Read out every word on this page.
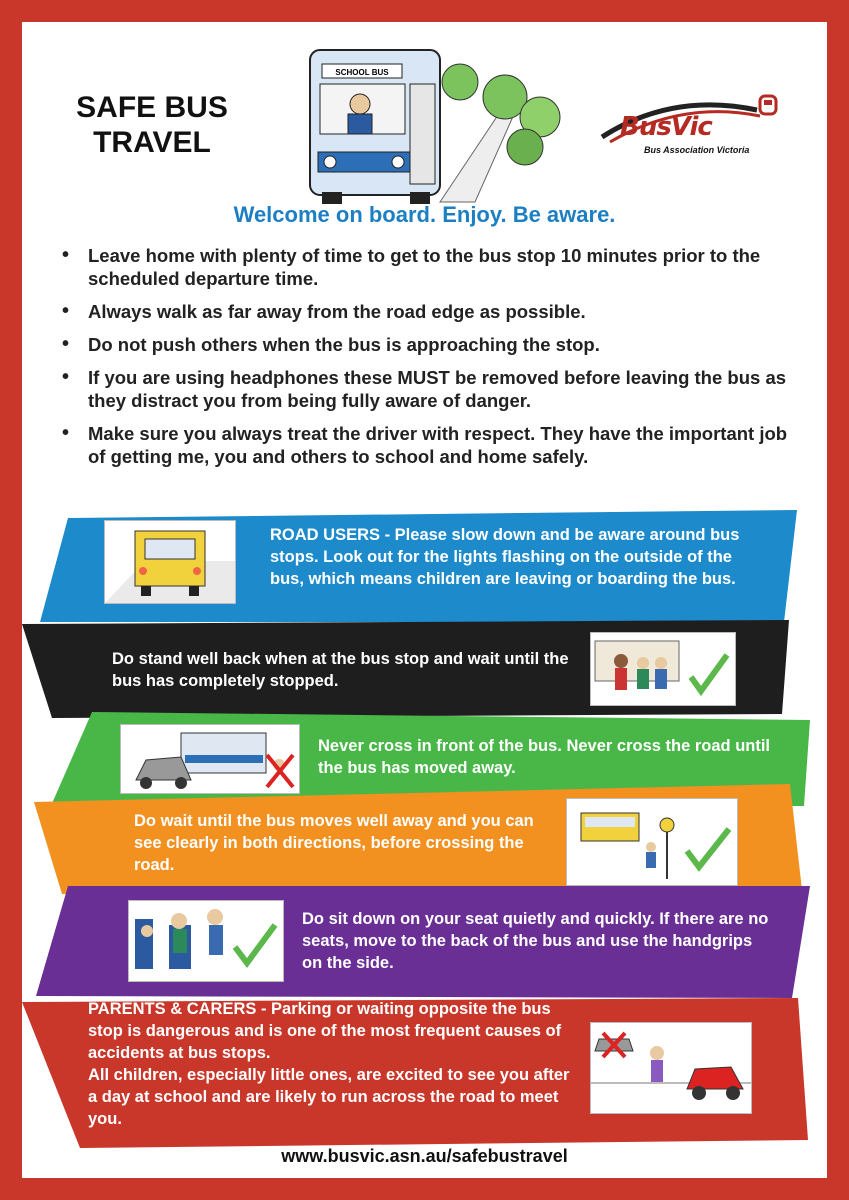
SAFE BUS
TRAVEL
SCHOOL BUS
BusVic
Bus Association Victoria
Welcome on board. Enjoy. Be aware.
• Leave home with plenty of time to get to the bus stop 10 minutes prior to the scheduled departure time.
• Always walk as far away from the road edge as possible.
• Do not push others when the bus is approaching the stop.
• If you are using headphones these MUST be removed before leaving the bus as they distract you from being fully aware of danger.
• Make sure you always treat the driver with respect. They have the important job of getting me, you and others to school and home safely.
ROAD USERS - Please slow down and be aware around bus stops. Look out for the lights flashing on the outside of the bus, which means children are leaving or boarding the bus.
Do stand well back when at the bus stop and wait until the bus has completely stopped.
Never cross in front of the bus. Never cross the road until the bus has moved away.
Do wait until the bus moves well away and you can see clearly in both directions, before crossing the road.
Do sit down on your seat quietly and quickly. If there are no seats, move to the back of the bus and use the handgrips on the side.
PARENTS & CARERS - Parking or waiting opposite the bus stop is dangerous and is one of the most frequent causes of accidents at bus stops.
All children, especially little ones, are excited to see you after a day at school and are likely to run across the road to meet you.
www.busvic.asn.au/safebustravel
